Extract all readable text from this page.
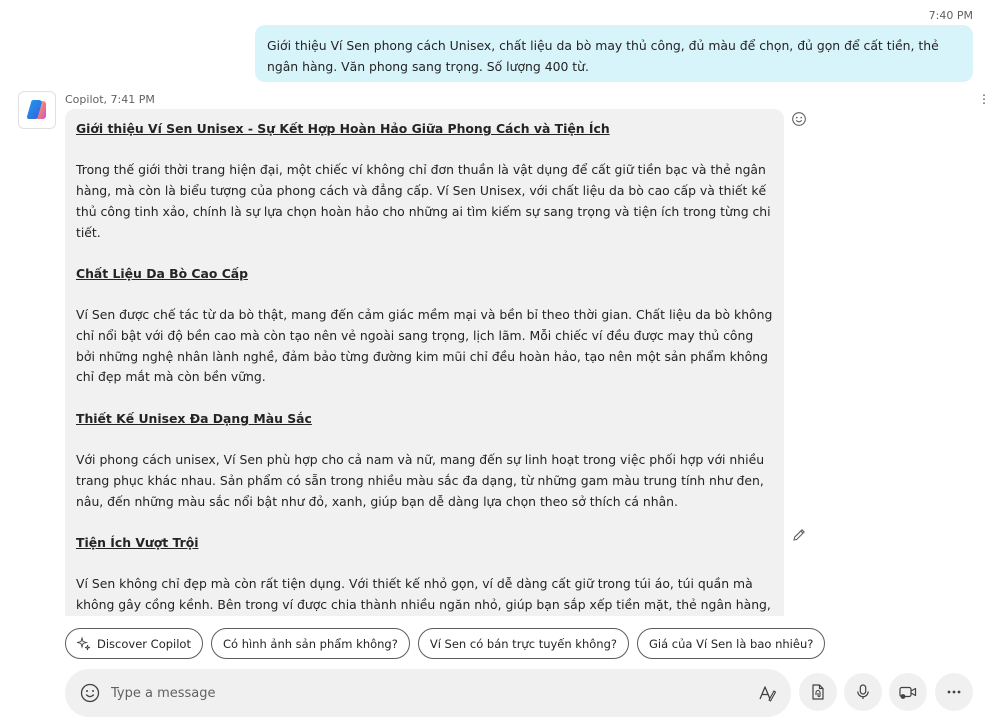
7:40 PM
Giới thiệu Ví Sen phong cách Unisex, chất liệu da bò may thủ công, đủ màu để chọn, đủ gọn để cất tiền, thẻ ngân hàng. Văn phong sang trọng. Số lượng 400 từ.
⋮
Copilot, 7:41 PM

Giới thiệu Ví Sen Unisex - Sự Kết Hợp Hoàn Hảo Giữa Phong Cách và Tiện Ích

Trong thế giới thời trang hiện đại, một chiếc ví không chỉ đơn thuần là vật dụng để cất giữ tiền bạc và thẻ ngân hàng, mà còn là biểu tượng của phong cách và đẳng cấp. Ví Sen Unisex, với chất liệu da bò cao cấp và thiết kế thủ công tinh xảo, chính là sự lựa chọn hoàn hảo cho những ai tìm kiếm sự sang trọng và tiện ích trong từng chi tiết.

Chất Liệu Da Bò Cao Cấp

Ví Sen được chế tác từ da bò thật, mang đến cảm giác mềm mại và bền bỉ theo thời gian. Chất liệu da bò không chỉ nổi bật với độ bền cao mà còn tạo nên vẻ ngoài sang trọng, lịch lãm. Mỗi chiếc ví đều được may thủ công bởi những nghệ nhân lành nghề, đảm bảo từng đường kim mũi chỉ đều hoàn hảo, tạo nên một sản phẩm không chỉ đẹp mắt mà còn bền vững.

Thiết Kế Unisex Đa Dạng Màu Sắc

Với phong cách unisex, Ví Sen phù hợp cho cả nam và nữ, mang đến sự linh hoạt trong việc phối hợp với nhiều trang phục khác nhau. Sản phẩm có sẵn trong nhiều màu sắc đa dạng, từ những gam màu trung tính như đen, nâu, đến những màu sắc nổi bật như đỏ, xanh, giúp bạn dễ dàng lựa chọn theo sở thích cá nhân.

Tiện Ích Vượt Trội

Ví Sen không chỉ đẹp mà còn rất tiện dụng. Với thiết kế nhỏ gọn, ví dễ dàng cất giữ trong túi áo, túi quần mà không gây cồng kềnh. Bên trong ví được chia thành nhiều ngăn nhỏ, giúp bạn sắp xếp tiền mặt, thẻ ngân hàng,

Discover Copilot	Có hình ảnh sản phẩm không?	Ví Sen có bán trực tuyến không?	Giá của Ví Sen là bao nhiêu?
Type a message
